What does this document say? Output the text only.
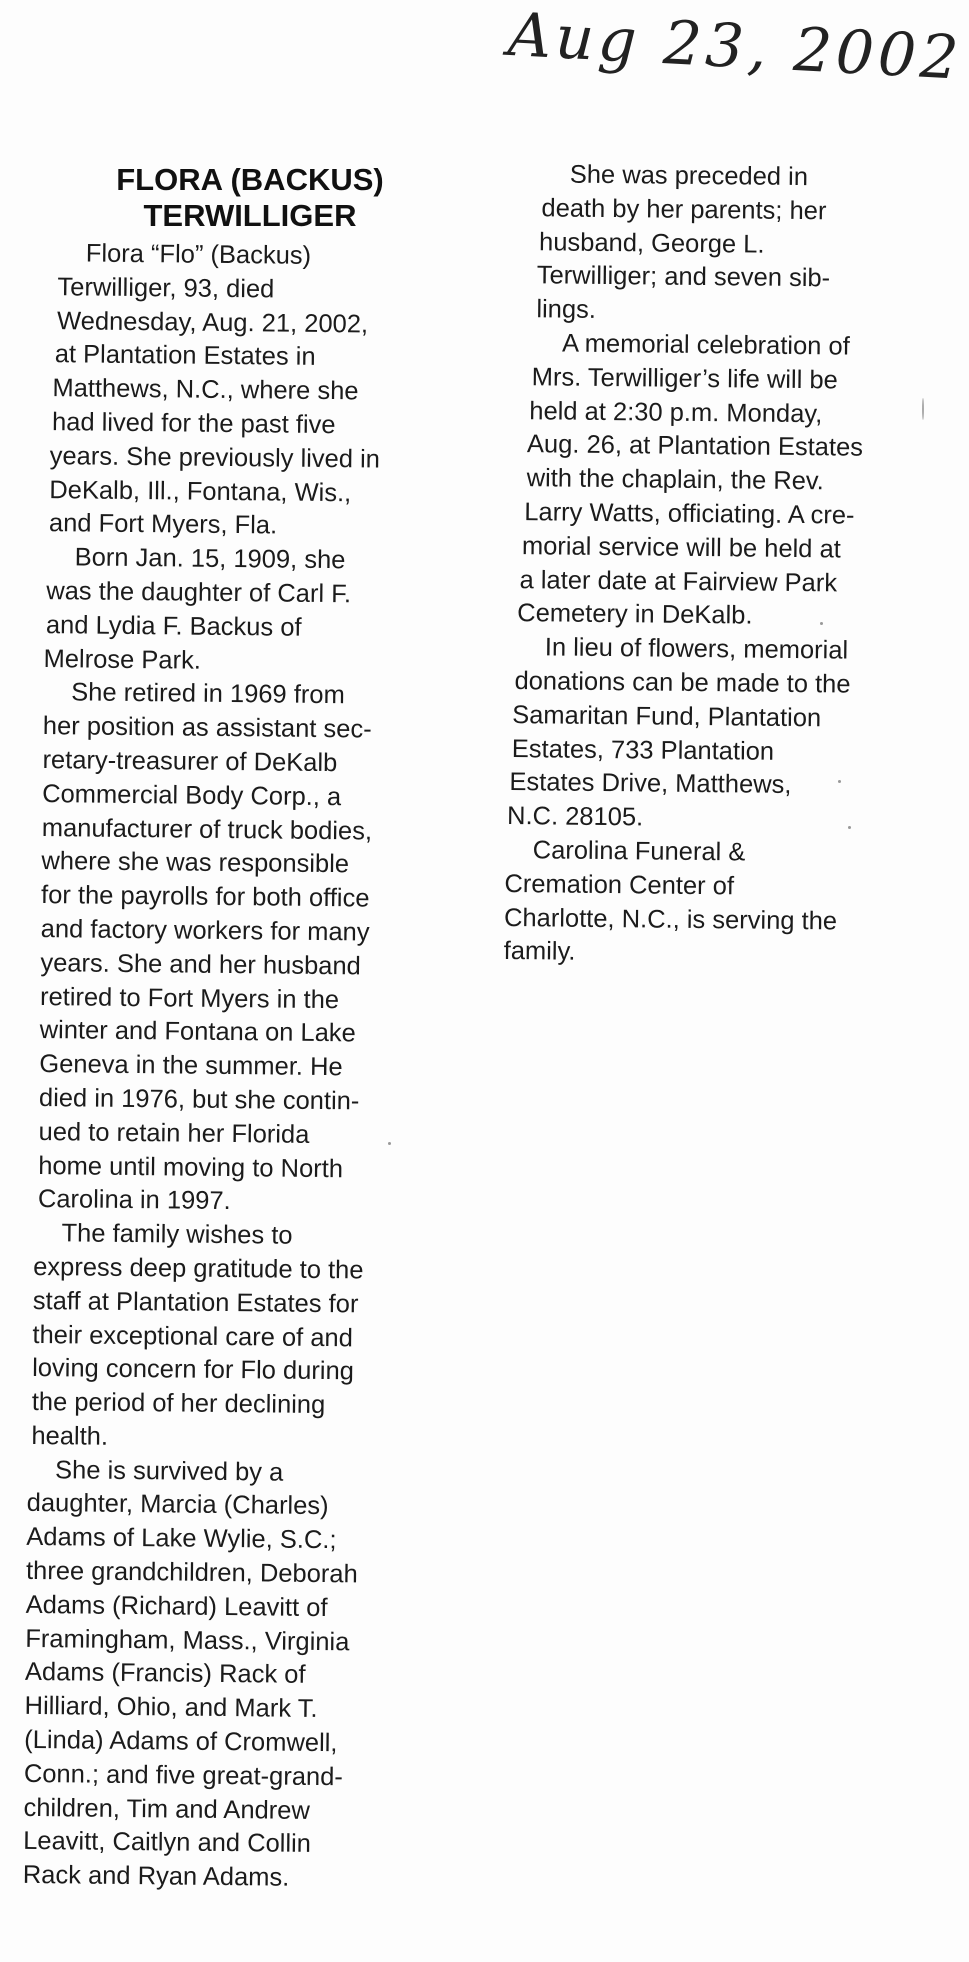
Aug 23, 2002
FLORA (BACKUS)
TERWILLIGER
Flora “Flo” (Backus)
Terwilliger, 93, died
Wednesday, Aug. 21, 2002,
at Plantation Estates in
Matthews, N.C., where she
had lived for the past five
years. She previously lived in
DeKalb, Ill., Fontana, Wis.,
and Fort Myers, Fla.
Born Jan. 15, 1909, she
was the daughter of Carl F.
and Lydia F. Backus of
Melrose Park.
She retired in 1969 from
her position as assistant sec-
retary-treasurer of DeKalb
Commercial Body Corp., a
manufacturer of truck bodies,
where she was responsible
for the payrolls for both office
and factory workers for many
years. She and her husband
retired to Fort Myers in the
winter and Fontana on Lake
Geneva in the summer. He
died in 1976, but she contin-
ued to retain her Florida
home until moving to North
Carolina in 1997.
The family wishes to
express deep gratitude to the
staff at Plantation Estates for
their exceptional care of and
loving concern for Flo during
the period of her declining
health.
She is survived by a
daughter, Marcia (Charles)
Adams of Lake Wylie, S.C.;
three grandchildren, Deborah
Adams (Richard) Leavitt of
Framingham, Mass., Virginia
Adams (Francis) Rack of
Hilliard, Ohio, and Mark T.
(Linda) Adams of Cromwell,
Conn.; and five great-grand-
children, Tim and Andrew
Leavitt, Caitlyn and Collin
Rack and Ryan Adams.
She was preceded in
death by her parents; her
husband, George L.
Terwilliger; and seven sib-
lings.
A memorial celebration of
Mrs. Terwilliger’s life will be
held at 2:30 p.m. Monday,
Aug. 26, at Plantation Estates
with the chaplain, the Rev.
Larry Watts, officiating. A cre-
morial service will be held at
a later date at Fairview Park
Cemetery in DeKalb.
In lieu of flowers, memorial
donations can be made to the
Samaritan Fund, Plantation
Estates, 733 Plantation
Estates Drive, Matthews,
N.C. 28105.
Carolina Funeral &
Cremation Center of
Charlotte, N.C., is serving the
family.
